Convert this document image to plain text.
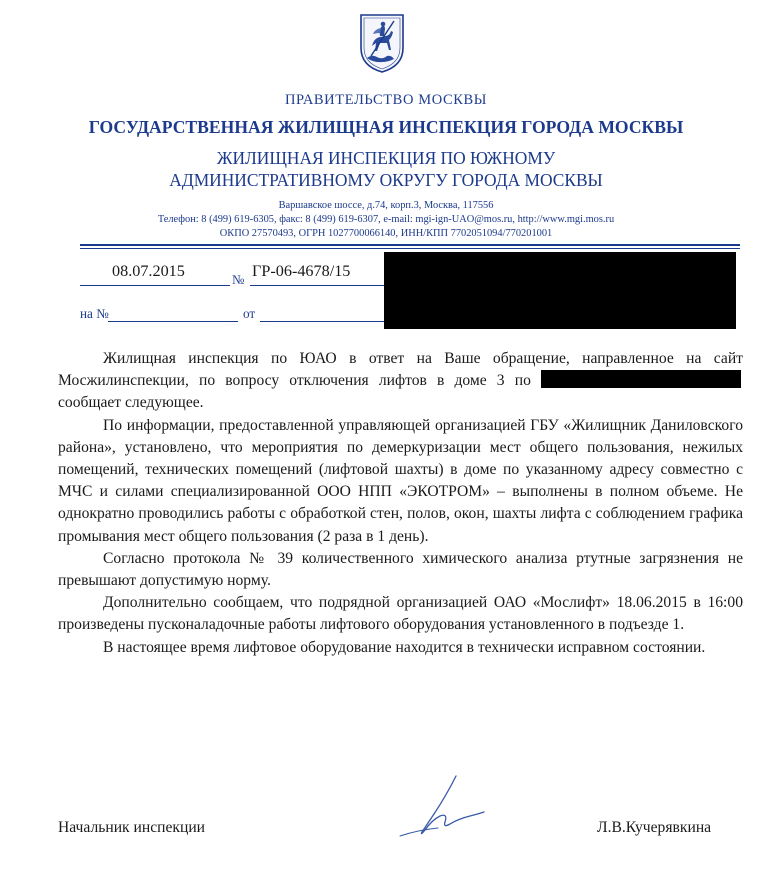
ПРАВИТЕЛЬСТВО МОСКВЫ
ГОСУДАРСТВЕННАЯ ЖИЛИЩНАЯ ИНСПЕКЦИЯ ГОРОДА МОСКВЫ
ЖИЛИЩНАЯ ИНСПЕКЦИЯ ПО ЮЖНОМУ
АДМИНИСТРАТИВНОМУ ОКРУГУ ГОРОДА МОСКВЫ
Варшавское шоссе, д.74, корп.3, Москва, 117556
Телефон: 8 (499) 619-6305, факс: 8 (499) 619-6307, e-mail: mgi-ign-UAO@mos.ru, http://www.mgi.mos.ru
ОКПО 27570493, ОГРН 1027700066140, ИНН/КПП 7702051094/770201001
08.07.2015	№ ГР-06-4678/15
на №	от

Жилищная инспекция по ЮАО в ответ на Ваше обращение, направленное на сайт Мосжилинспекции, по вопросу отключения лифтов в доме 3 по сообщает следующее.

По информации, предоставленной управляющей организацией ГБУ «Жилищник Даниловского района», установлено, что мероприятия по демеркуризации мест общего пользования, нежилых помещений, технических помещений (лифтовой шахты) в доме по указанному адресу совместно с МЧС и силами специализированной ООО НПП «ЭКОТРОМ» – выполнены в полном объеме. Не однократно проводились работы с обработкой стен, полов, окон, шахты лифта с соблюдением графика промывания мест общего пользования (2 раза в 1 день).

Согласно протокола № 39 количественного химического анализа ртутные загрязнения не превышают допустимую норму.

Дополнительно сообщаем, что подрядной организацией ОАО «Мослифт» 18.06.2015 в 16:00 произведены пусконаладочные работы лифтового оборудования установленного в подъезде 1.

В настоящее время лифтовое оборудование находится в технически исправном состоянии.

Начальник инспекции	Л.В.Кучерявкина
